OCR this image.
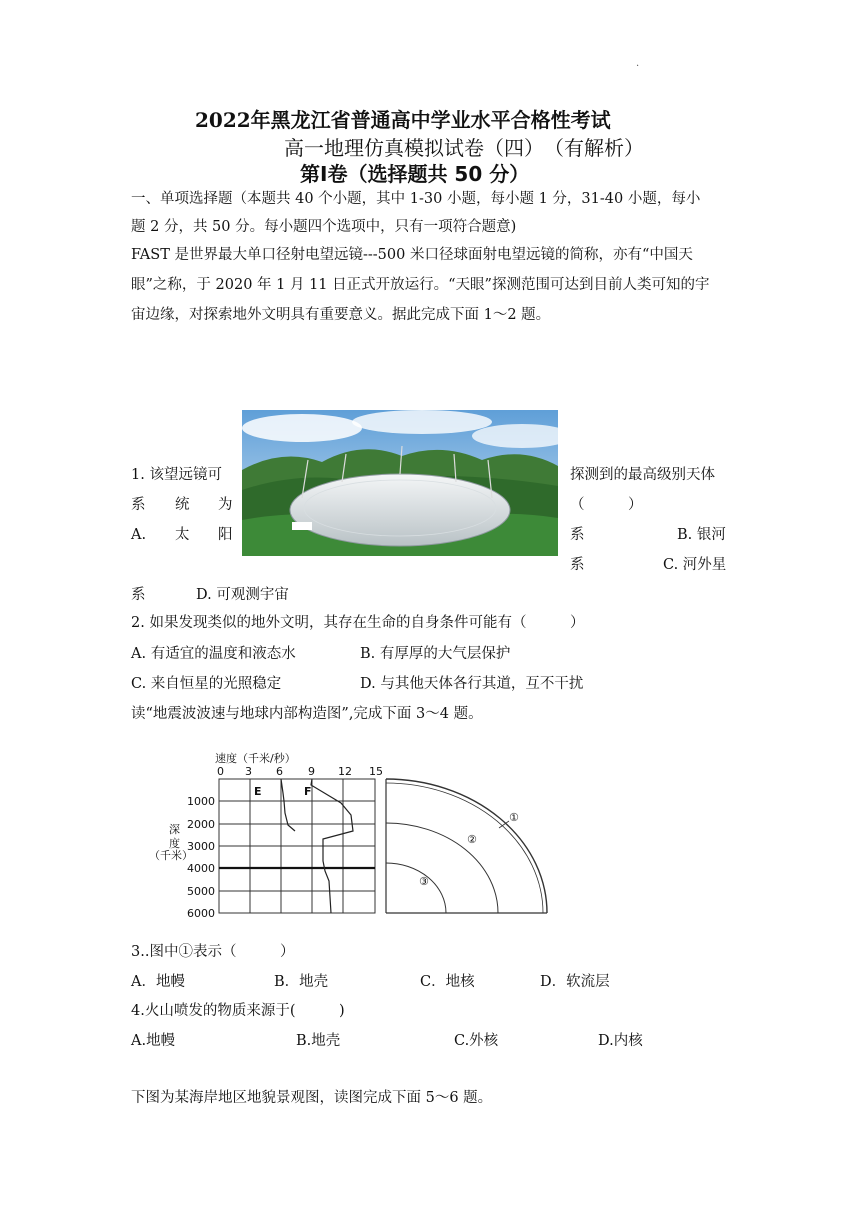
.
2022年黑龙江省普通高中学业水平合格性考试
高一地理仿真模拟试卷（四）　（有解析）
第Ⅰ卷（选择题共 50 分）
一、单项选择题（本题共 40 个小题，其中 1-30 小题，每小题 1 分，31-40 小题，每小
题 2 分，共 50 分。每小题四个选项中，只有一项符合题意)
FAST 是世界最大单口径射电望远镜---500 米口径球面射电望远镜的简称，亦有“中国天
眼”之称，于 2020 年 1 月 11 日正式开放运行。“天眼”探测范围可达到目前人类可知的宇
宙边缘，对探索地外文明具有重要意义。据此完成下面 1～2 题。
1. 该望远镜可	探测到的最高级别天体
系 统 为	（　　　）
A. 太 阳	系	B. 银河
系	C. 河外星
系	D. 可观测宇宙
2. 如果发现类似的地外文明，其存在生命的自身条件可能有（　　　）
A. 有适宜的温度和液态水	B. 有厚厚的大气层保护
C. 来自恒星的光照稳定	D. 与其他天体各行其道，互不干扰
读“地震波波速与地球内部构造图”,完成下面 3～4 题。
速度（千米/秒）
0 3 6 9 12 15
深
度
（千米）
1000
2000
3000
4000
5000
6000
E	F
①
②
③
3..图中①表示（　　　）
A．地幔	B．地壳	C．地核	D．软流层
4.火山喷发的物质来源于(　　　)
A.地幔	B.地壳	C.外核	D.内核
下图为某海岸地区地貌景观图，读图完成下面 5～6 题。
